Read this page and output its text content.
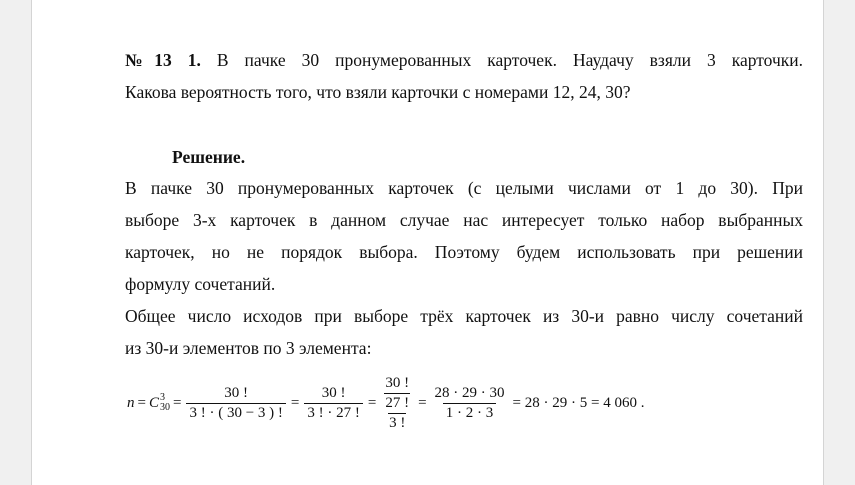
№13 1. В пачке 30 пронумерованных карточек. Наудачу взяли 3 карточки.
Какова вероятность того, что взяли карточки с номерами 12, 24, 30?
Решение.
В пачке 30 пронумерованных карточек (с целыми числами от 1 до 30). При
выборе 3-х карточек в данном случае нас интересует только набор выбранных
карточек, но не порядок выбора. Поэтому будем использовать при решении
формулу сочетаний.
Общее число исходов при выборе трёх карточек из 30-и равно числу сочетаний
из 30-и элементов по 3 элемента:
n = C 3
$30 = \frac{30 !}{3 ! \cdot ( 30 - 3 ) !} = \frac{30 !}{3 ! \cdot 27 !} = \frac{\frac{30 !}{27 !}}{3 !} = \frac{28 \cdot 29 \cdot 30}{1 \cdot 2 \cdot 3} = 28 \cdot 29 \cdot 5 = 4$ 060 .
